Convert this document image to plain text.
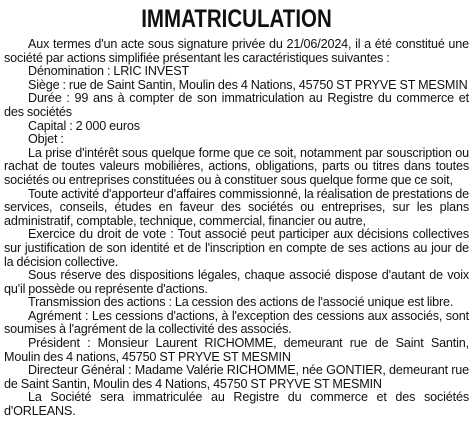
IMMATRICULATION

Aux termes d'un acte sous signature privée du 21/06/2024, il a été constitué une société par actions simplifiée présentant les caractéristiques suivantes :

Dénomination : LRIC INVEST

Siège : rue de Saint Santin, Moulin des 4 Nations, 45750 ST PRYVE ST MESMIN

Durée : 99 ans à compter de son immatriculation au Registre du commerce et des sociétés

Capital : 2 000 euros

Objet :

La prise d'intérêt sous quelque forme que ce soit, notamment par souscription ou rachat de toutes valeurs mobilières, actions, obligations, parts ou titres dans toutes sociétés ou entreprises constituées ou à constituer sous quelque forme que ce soit,

Toute activité d'apporteur d'affaires commissionné, la réalisation de prestations de services, conseils, études en faveur des sociétés ou entreprises, sur les plans administratif, comptable, technique, commercial, financier ou autre,

Exercice du droit de vote : Tout associé peut participer aux décisions collectives sur justification de son identité et de l'inscription en compte de ses actions au jour de la décision collective.

Sous réserve des dispositions légales, chaque associé dispose d'autant de voix qu'il possède ou représente d'actions.

Transmission des actions : La cession des actions de l'associé unique est libre.

Agrément : Les cessions d'actions, à l'exception des cessions aux associés, sont soumises à l'agrément de la collectivité des associés.

Président : Monsieur Laurent RICHOMME, demeurant rue de Saint Santin, Moulin des 4 nations, 45750 ST PRYVE ST MESMIN

Directeur Général : Madame Valérie RICHOMME, née GONTIER, demeurant rue de Saint Santin, Moulin des 4 Nations, 45750 ST PRYVE ST MESMIN

La Société sera immatriculée au Registre du commerce et des sociétés d'ORLEANS.
